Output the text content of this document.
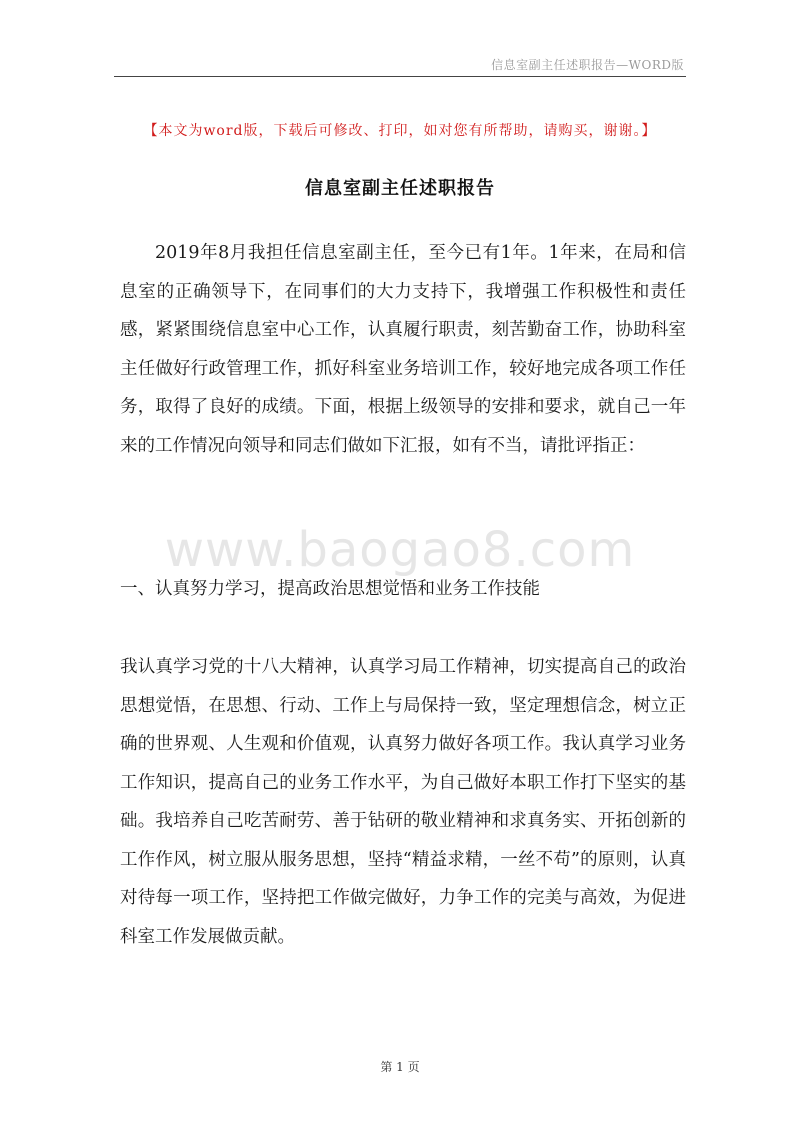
信息室副主任述职报告—WORD版
【本文为word版，下载后可修改、打印，如对您有所帮助，请购买，谢谢。】
信息室副主任述职报告

2019年8月我担任信息室副主任，至今已有1年。1年来，在局和信息室的正确领导下，在同事们的大力支持下，我增强工作积极性和责任感，紧紧围绕信息室中心工作，认真履行职责，刻苦勤奋工作，协助科室主任做好行政管理工作，抓好科室业务培训工作，较好地完成各项工作任务，取得了良好的成绩。下面，根据上级领导的安排和要求，就自己一年来的工作情况向领导和同志们做如下汇报，如有不当，请批评指正：

www.baogao8.com

一、认真努力学习，提高政治思想觉悟和业务工作技能

我认真学习党的十八大精神，认真学习局工作精神，切实提高自己的政治思想觉悟，在思想、行动、工作上与局保持一致，坚定理想信念，树立正确的世界观、人生观和价值观，认真努力做好各项工作。我认真学习业务工作知识，提高自己的业务工作水平，为自己做好本职工作打下坚实的基础。我培养自己吃苦耐劳、善于钻研的敬业精神和求真务实、开拓创新的工作作风，树立服从服务思想，坚持“精益求精，一丝不苟”的原则，认真对待每一项工作，坚持把工作做完做好，力争工作的完美与高效，为促进科室工作发展做贡献。

第 1 页
